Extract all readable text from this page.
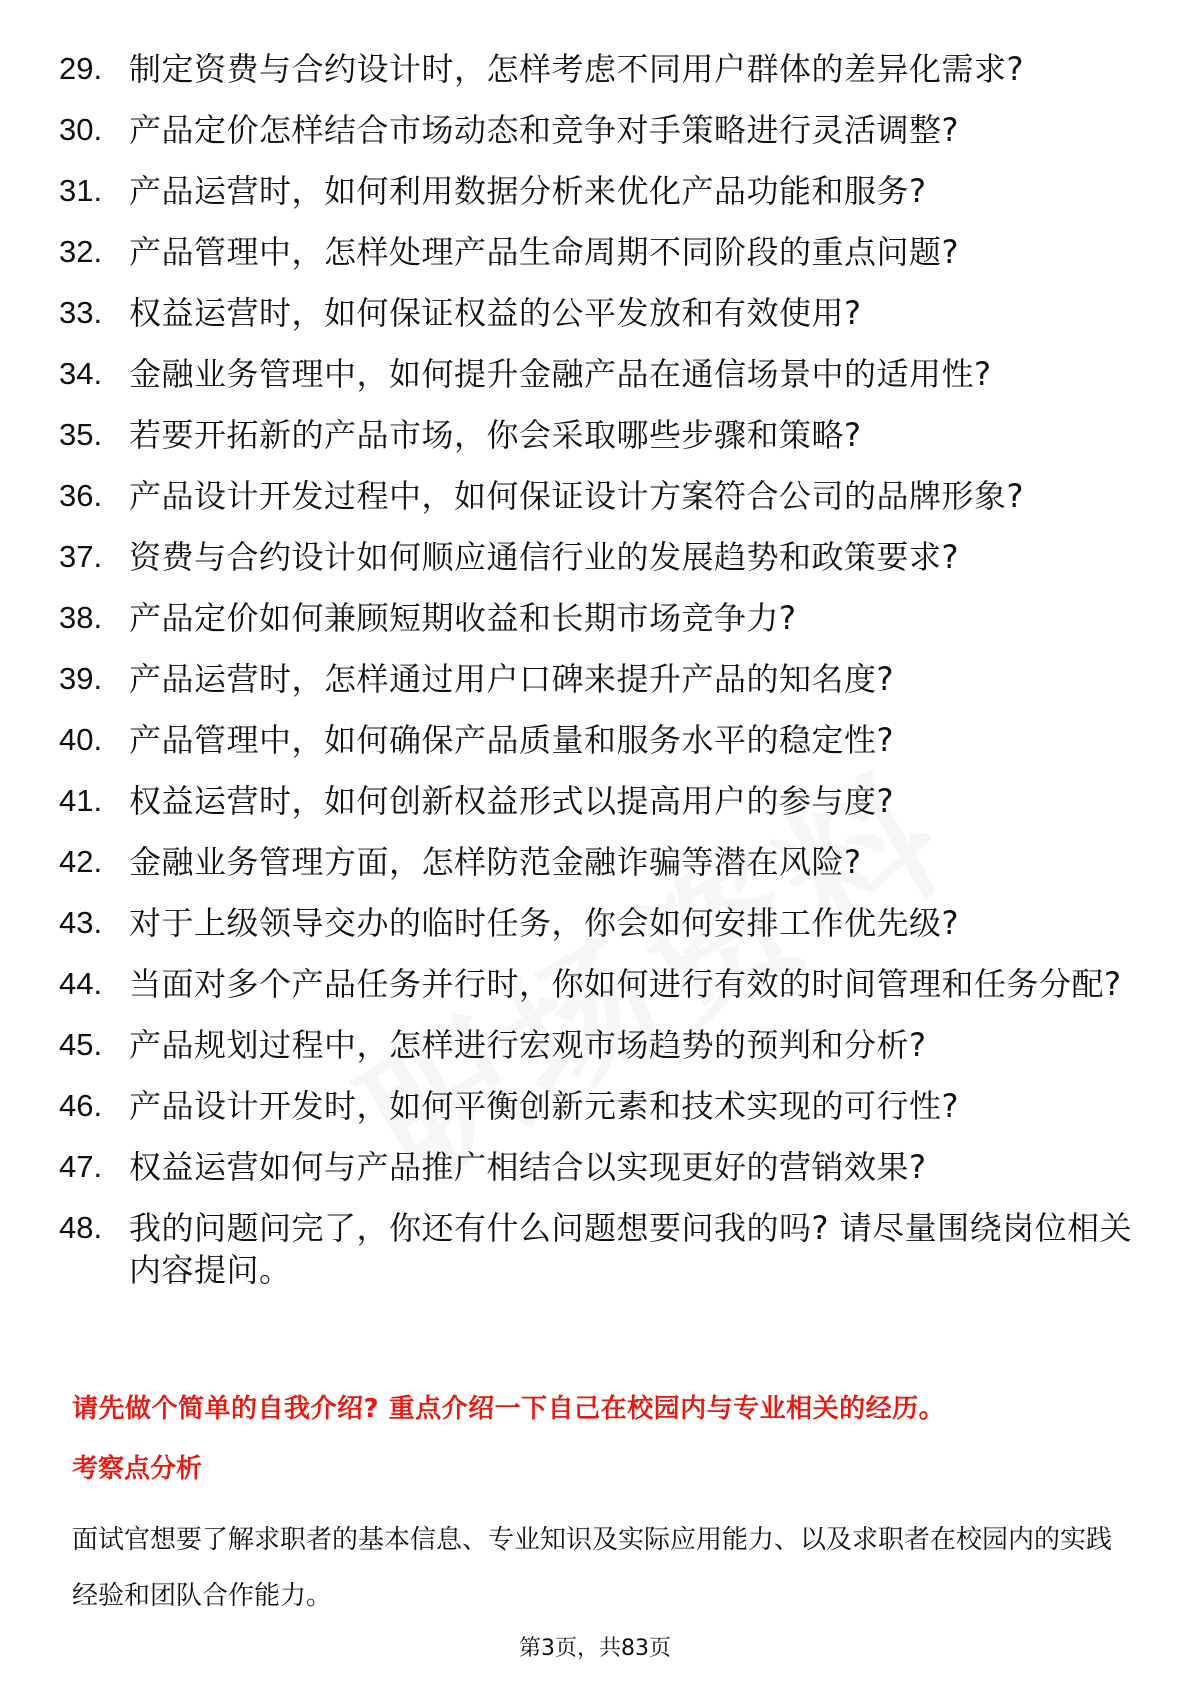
29. 制定资费与合约设计时，怎样考虑不同用户群体的差异化需求?
30. 产品定价怎样结合市场动态和竞争对手策略进行灵活调整?
31. 产品运营时，如何利用数据分析来优化产品功能和服务?
32. 产品管理中，怎样处理产品生命周期不同阶段的重点问题?
33. 权益运营时，如何保证权益的公平发放和有效使用?
34. 金融业务管理中，如何提升金融产品在通信场景中的适用性?
35. 若要开拓新的产品市场，你会采取哪些步骤和策略?
36. 产品设计开发过程中，如何保证设计方案符合公司的品牌形象?
37. 资费与合约设计如何顺应通信行业的发展趋势和政策要求?
38. 产品定价如何兼顾短期收益和长期市场竞争力?
39. 产品运营时，怎样通过用户口碑来提升产品的知名度?
40. 产品管理中，如何确保产品质量和服务水平的稳定性?
41. 权益运营时，如何创新权益形式以提高用户的参与度?
42. 金融业务管理方面，怎样防范金融诈骗等潜在风险?
43. 对于上级领导交办的临时任务，你会如何安排工作优先级?
44. 当面对多个产品任务并行时，你如何进行有效的时间管理和任务分配?
45. 产品规划过程中，怎样进行宏观市场趋势的预判和分析?
46. 产品设计开发时，如何平衡创新元素和技术实现的可行性?
47. 权益运营如何与产品推广相结合以实现更好的营销效果?
48. 我的问题问完了，你还有什么问题想要问我的吗? 请尽量围绕岗位相关内容提问。
请先做个简单的自我介绍? 重点介绍一下自己在校园内与专业相关的经历。
考察点分析
面试官想要了解求职者的基本信息、专业知识及实际应用能力、以及求职者在校园内的实践经验和团队合作能力。
第3页，共83页
